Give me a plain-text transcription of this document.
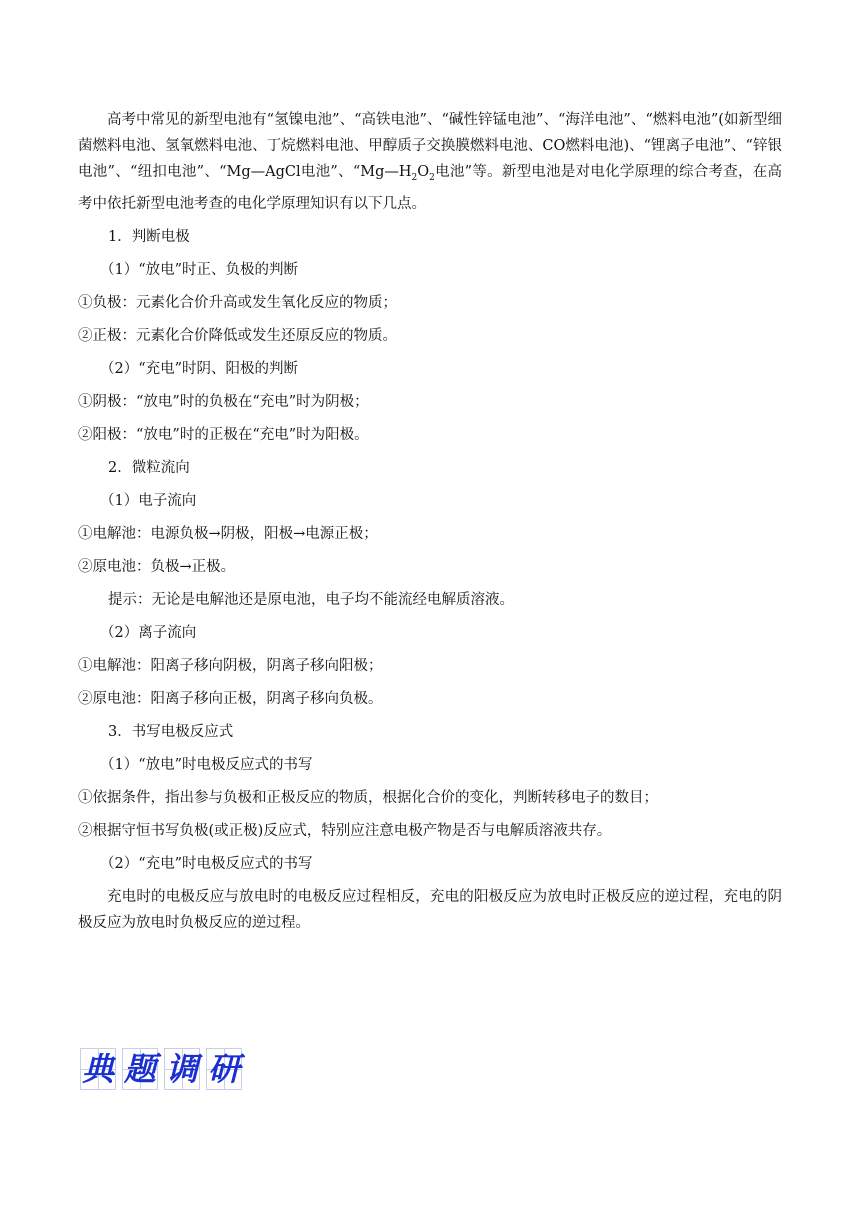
高考中常见的新型电池有“氢镍电池”、“高铁电池”、“碱性锌锰电池”、“海洋电池”、“燃料电池”(如新型细菌燃料电池、氢氧燃料电池、丁烷燃料电池、甲醇质子交换膜燃料电池、CO燃料电池)、“锂离子电池”、“锌银电池”、“纽扣电池”、“Mg—AgCl电池”、“$Mg—H_2O_2$电池”等。新型电池是对电化学原理的综合考查，在高考中依托新型电池考查的电化学原理知识有以下几点。

1．判断电极
（1）“放电”时正、负极的判断
①负极：元素化合价升高或发生氧化反应的物质；
②正极：元素化合价降低或发生还原反应的物质。
（2）“充电”时阴、阳极的判断
①阴极：“放电”时的负极在“充电”时为阴极；
②阳极：“放电”时的正极在“充电”时为阳极。
2．微粒流向
（1）电子流向
①电解池：电源负极→阴极，阳极→电源正极；
②原电池：负极→正极。
提示：无论是电解池还是原电池，电子均不能流经电解质溶液。
（2）离子流向
①电解池：阳离子移向阴极，阴离子移向阳极；
②原电池：阳离子移向正极，阴离子移向负极。
3．书写电极反应式
（1）“放电”时电极反应式的书写
①依据条件，指出参与负极和正极反应的物质，根据化合价的变化，判断转移电子的数目；
②根据守恒书写负极(或正极)反应式，特别应注意电极产物是否与电解质溶液共存。
（2）“充电”时电极反应式的书写

充电时的电极反应与放电时的电极反应过程相反，充电的阳极反应为放电时正极反应的逆过程，充电的阴极反应为放电时负极反应的逆过程。

典 题 调 研
